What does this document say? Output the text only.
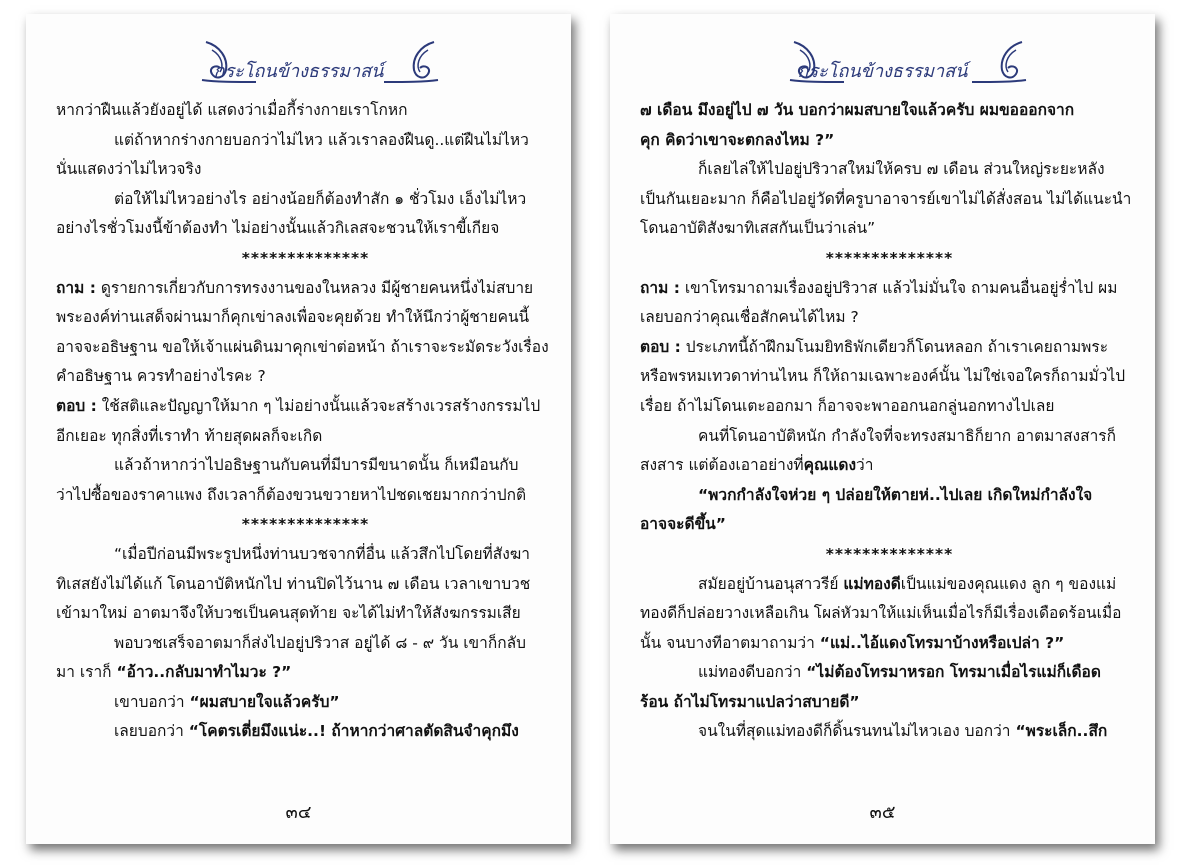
กระโถนข้างธรรมาสน์
หากว่าฝืนแล้วยังอยู่ได้ แสดงว่าเมื่อกี้ร่างกายเราโกหก
แต่ถ้าหากร่างกายบอกว่าไม่ไหว แล้วเราลองฝืนดู..แต่ฝืนไม่ไหว
นั่นแสดงว่าไม่ไหวจริง
ต่อให้ไม่ไหวอย่างไร อย่างน้อยก็ต้องทำสัก ๑ ชั่วโมง เอ็งไม่ไหว
อย่างไรชั่วโมงนี้ข้าต้องทำ ไม่อย่างนั้นแล้วกิเลสจะชวนให้เราขี้เกียจ
**************
ถาม : ดูรายการเกี่ยวกับการทรงงานของในหลวง มีผู้ชายคนหนึ่งไม่สบาย
พระองค์ท่านเสด็จผ่านมาก็คุกเข่าลงเพื่อจะคุยด้วย ทำให้นึกว่าผู้ชายคนนี้
อาจจะอธิษฐาน ขอให้เจ้าแผ่นดินมาคุกเข่าต่อหน้า ถ้าเราจะระมัดระวังเรื่อง
คำอธิษฐาน ควรทำอย่างไรคะ ?
ตอบ : ใช้สติและปัญญาให้มาก ๆ ไม่อย่างนั้นแล้วจะสร้างเวรสร้างกรรมไป
อีกเยอะ ทุกสิ่งที่เราทำ ท้ายสุดผลก็จะเกิด
แล้วถ้าหากว่าไปอธิษฐานกับคนที่มีบารมีขนาดนั้น ก็เหมือนกับ
ว่าไปซื้อของราคาแพง ถึงเวลาก็ต้องขวนขวายหาไปชดเชยมากกว่าปกติ
**************
“เมื่อปีก่อนมีพระรูปหนึ่งท่านบวชจากที่อื่น แล้วสึกไปโดยที่สังฆา
ทิเสสยังไม่ได้แก้ โดนอาบัติหนักไป ท่านปิดไว้นาน ๗ เดือน เวลาเขาบวช
เข้ามาใหม่ อาตมาจึงให้บวชเป็นคนสุดท้าย จะได้ไม่ทำให้สังฆกรรมเสีย
พอบวชเสร็จอาตมาก็ส่งไปอยู่ปริวาส อยู่ได้ ๘ - ๙ วัน เขาก็กลับ
มา เราก็ “อ้าว..กลับมาทำไมวะ ?”
เขาบอกว่า “ผมสบายใจแล้วครับ”
เลยบอกว่า “โคตรเตี่ยมึงแน่ะ..! ถ้าหากว่าศาลตัดสินจำคุกมึง
๓๔
กระโถนข้างธรรมาสน์
๗ เดือน มึงอยู่ไป ๗ วัน บอกว่าผมสบายใจแล้วครับ ผมขอออกจาก
คุก คิดว่าเขาจะตกลงไหม ?”
ก็เลยไล่ให้ไปอยู่ปริวาสใหม่ให้ครบ ๗ เดือน ส่วนใหญ่ระยะหลัง
เป็นกันเยอะมาก ก็คือไปอยู่วัดที่ครูบาอาจารย์เขาไม่ได้สั่งสอน ไม่ได้แนะนำ
โดนอาบัติสังฆาทิเสสกันเป็นว่าเล่น”
**************
ถาม : เขาโทรมาถามเรื่องอยู่ปริวาส แล้วไม่มั่นใจ ถามคนอื่นอยู่ร่ำไป ผม
เลยบอกว่าคุณเชื่อสักคนได้ไหม ?
ตอบ : ประเภทนี้ถ้าฝึกมโนมยิทธิพักเดียวก็โดนหลอก ถ้าเราเคยถามพระ
หรือพรหมเทวดาท่านไหน ก็ให้ถามเฉพาะองค์นั้น ไม่ใช่เจอใครก็ถามมั่วไป
เรื่อย ถ้าไม่โดนเตะออกมา ก็อาจจะพาออกนอกลู่นอกทางไปเลย
คนที่โดนอาบัติหนัก กำลังใจที่จะทรงสมาธิก็ยาก อาตมาสงสารก็
สงสาร แต่ต้องเอาอย่างที่คุณแดงว่า
“พวกกำลังใจห่วย ๆ ปล่อยให้ตายห่..ไปเลย เกิดใหม่กำลังใจ
อาจจะดีขึ้น”
**************
สมัยอยู่บ้านอนุสาวรีย์ แม่ทองดีเป็นแม่ของคุณแดง ลูก ๆ ของแม่
ทองดีก็ปล่อยวางเหลือเกิน โผล่หัวมาให้แม่เห็นเมื่อไรก็มีเรื่องเดือดร้อนเมื่อ
นั้น จนบางทีอาตมาถามว่า “แม่..ไอ้แดงโทรมาบ้างหรือเปล่า ?”
แม่ทองดีบอกว่า “ไม่ต้องโทรมาหรอก โทรมาเมื่อไรแม่ก็เดือด
ร้อน ถ้าไม่โทรมาแปลว่าสบายดี”
จนในที่สุดแม่ทองดีก็ดิ้นรนทนไม่ไหวเอง บอกว่า “พระเล็ก..สึก
๓๕
